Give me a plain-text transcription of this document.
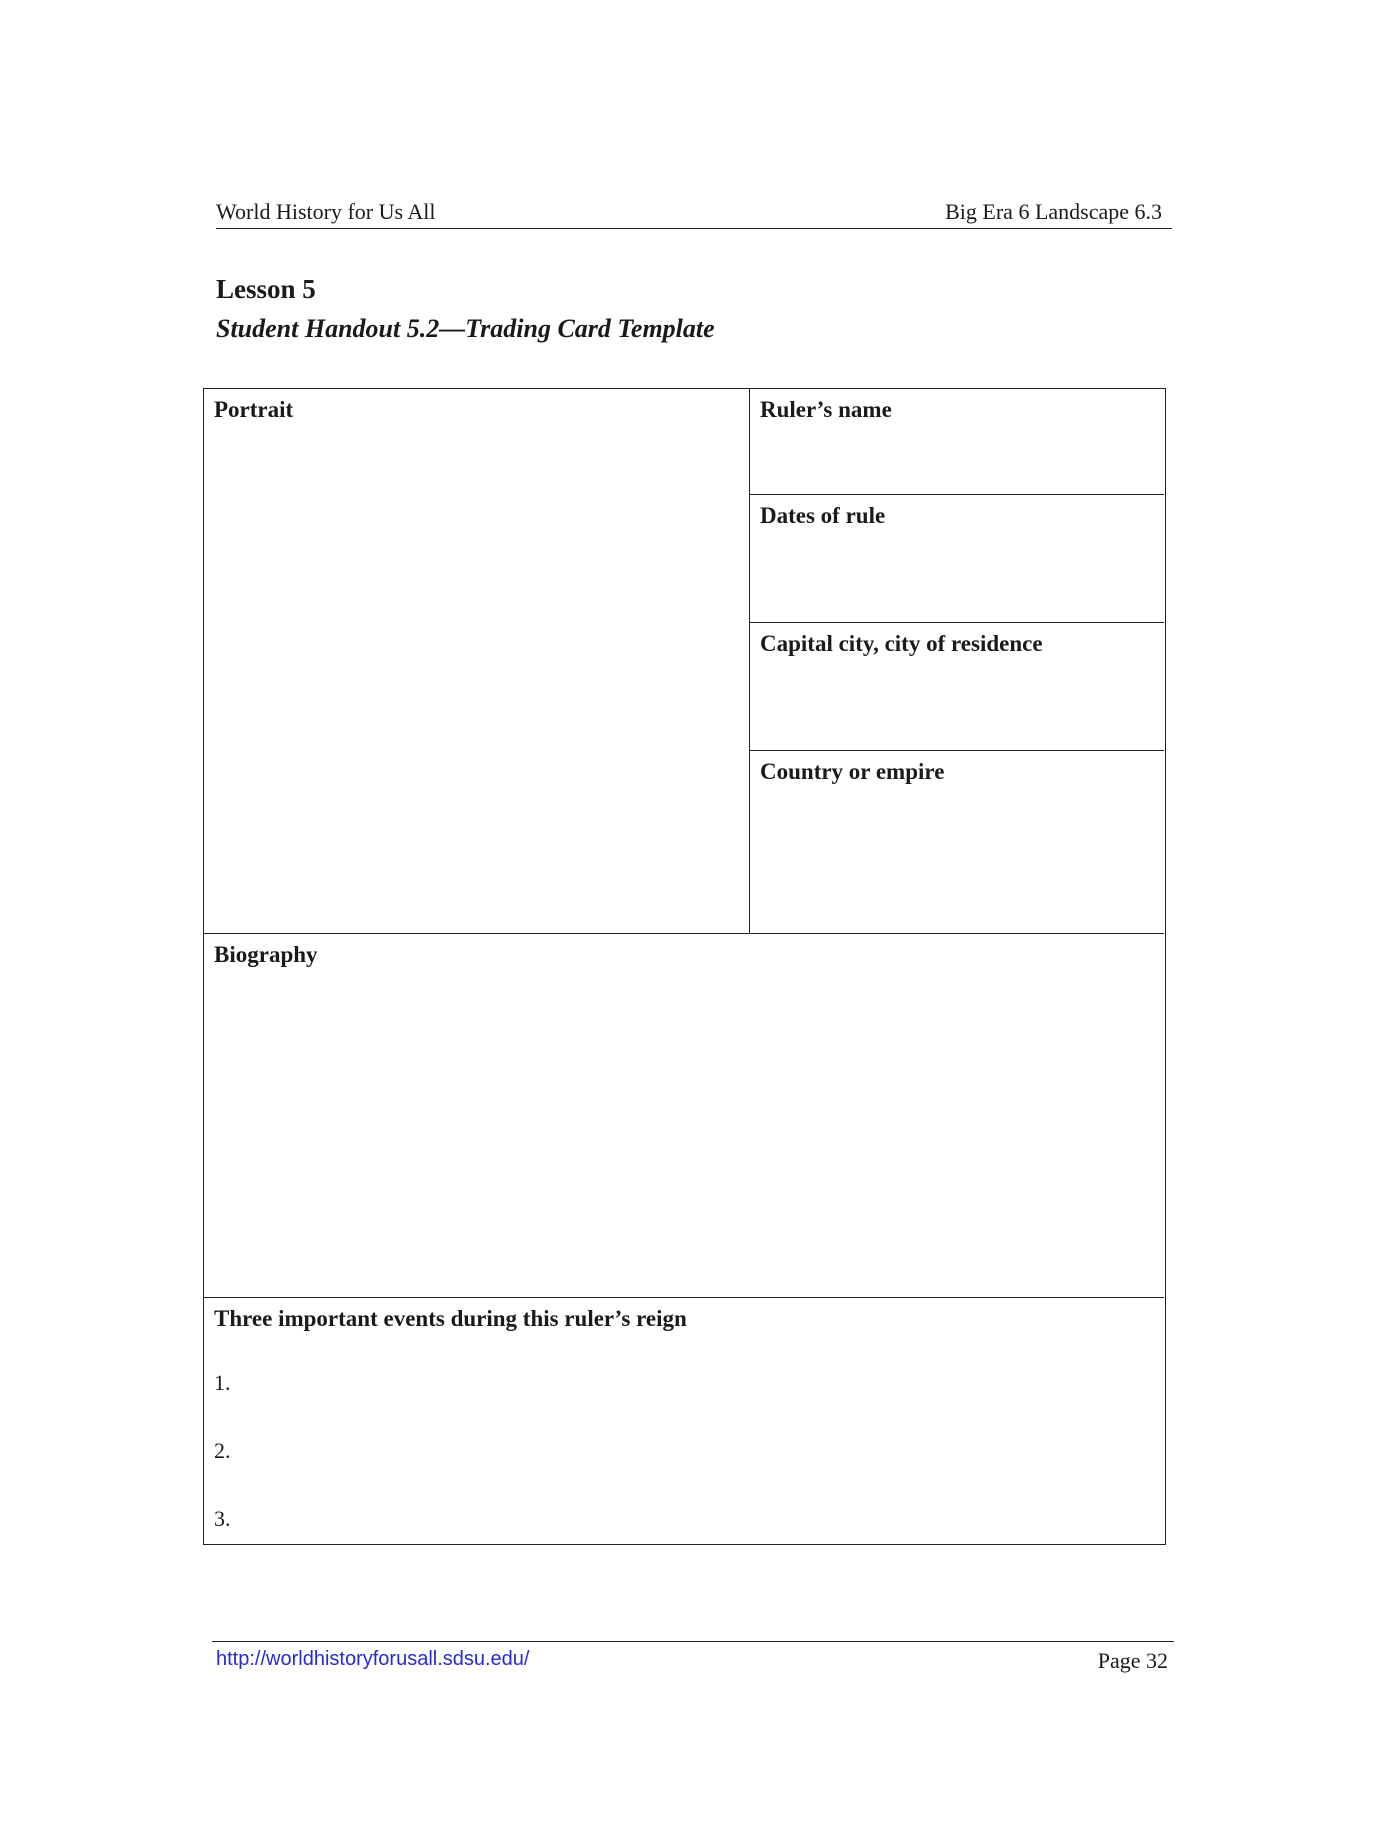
World History for Us All	Big Era 6 Landscape 6.3
Lesson 5
Student Handout 5.2—Trading Card Template
Portrait	Ruler’s name
Dates of rule
Capital city, city of residence
Country or empire
Biography
Three important events during this ruler’s reign
1.
2.
3.
http://worldhistoryforusall.sdsu.edu/	Page 32
